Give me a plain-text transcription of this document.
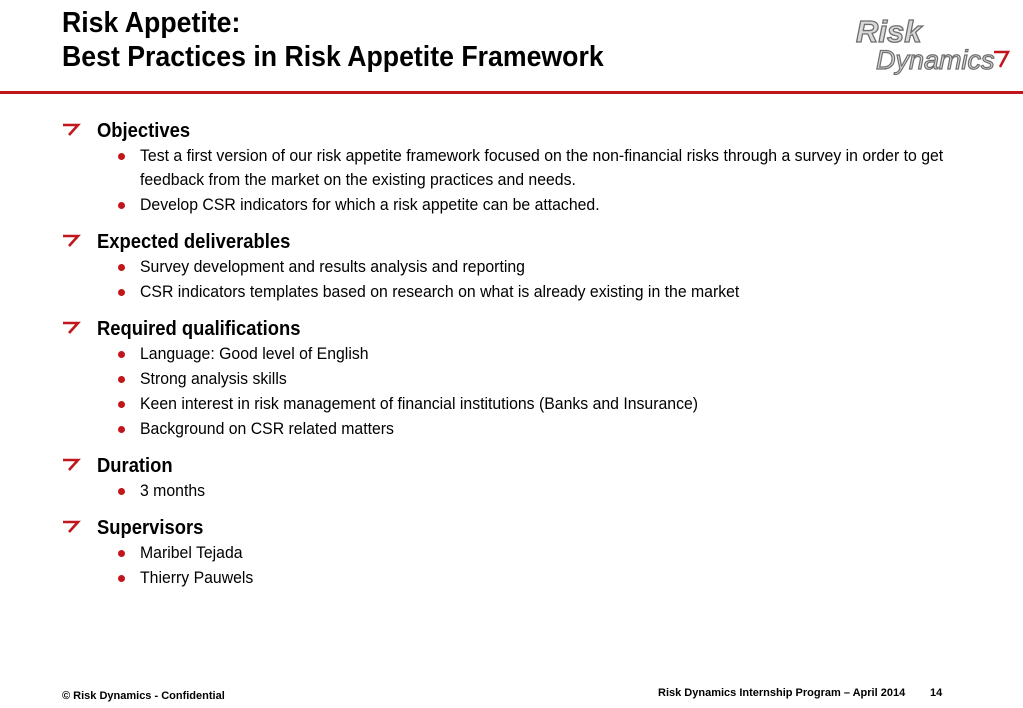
Risk Appetite:
Best Practices in Risk Appetite Framework
Risk
Dynamics
Objectives
Test a first version of our risk appetite framework focused on the non-financial risks through a survey in order to get feedback from the market on the existing practices and needs.
Develop CSR indicators for which a risk appetite can be attached.
Expected deliverables
Survey development and results analysis and reporting
CSR indicators templates based on research on what is already existing in the market
Required qualifications
Language: Good level of English
Strong analysis skills
Keen interest in risk management of financial institutions (Banks and Insurance)
Background on CSR related matters
Duration
3 months
Supervisors
Maribel Tejada
Thierry Pauwels
© Risk Dynamics - Confidential	Risk Dynamics Internship Program – April 2014 14
